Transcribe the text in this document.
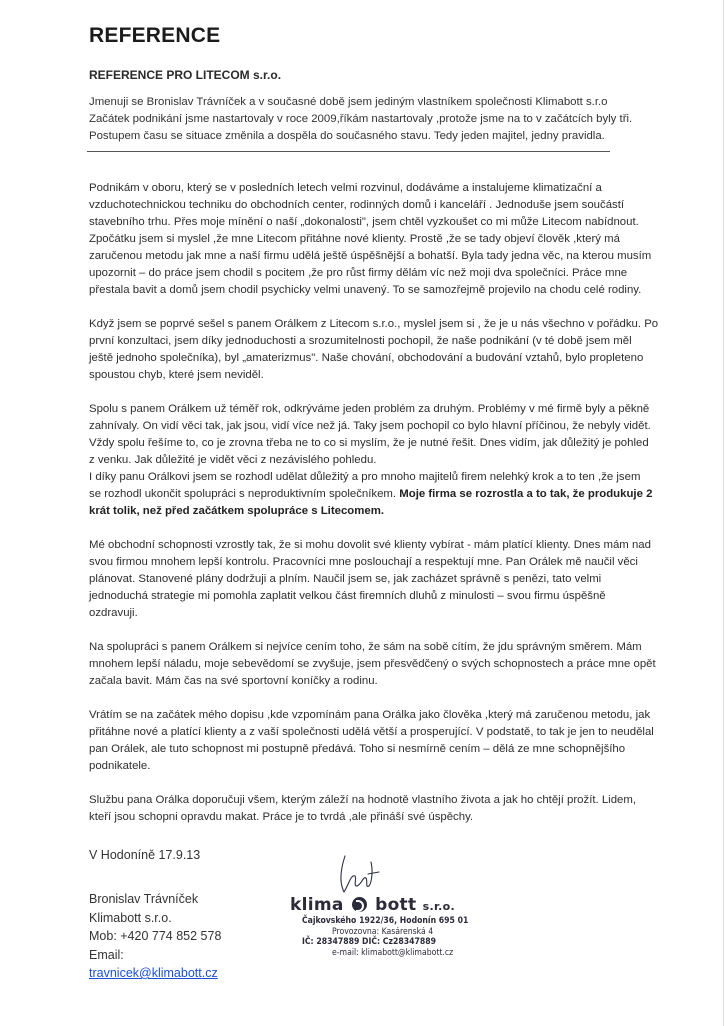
REFERENCE
REFERENCE PRO LITECOM s.r.o.
Jmenuji se Bronislav Trávníček a v současné době jsem jediným vlastníkem společnosti Klimabott s.r.o
Začátek podnikání jsme nastartovaly v roce 2009,říkám nastartovaly ,protože jsme na to v začátcích byly tři.
Postupem času se situace změnila a dospěla do současného stavu. Tedy jeden majitel, jedny pravidla.

Podnikám v oboru, který se v posledních letech velmi rozvinul, dodáváme a instalujeme klimatizační a
vzduchotechnickou techniku do obchodních center, rodinných domů i kanceláří . Jednoduše jsem součástí
stavebního trhu. Přes moje mínění o naší „dokonalosti", jsem chtěl vyzkoušet co mi může Litecom nabídnout.
Zpočátku jsem si myslel ,že mne Litecom přitáhne nové klienty. Prostě ,že se tady objeví člověk ,který má
zaručenou metodu jak mne a naší firmu udělá ještě úspěšnější a bohatší. Byla tady jedna věc, na kterou musím
upozornit – do práce jsem chodil s pocitem ,že pro růst firmy dělám víc než moji dva společníci. Práce mne
přestala bavit a domů jsem chodil psychicky velmi unavený. To se samozřejmě projevilo na chodu celé rodiny.

Když jsem se poprvé sešel s panem Orálkem z Litecom s.r.o., myslel jsem si , že je u nás všechno v pořádku. Po
první konzultaci, jsem díky jednoduchosti a srozumitelnosti pochopil, že naše podnikání (v té době jsem měl
ještě jednoho společníka), byl „amaterizmus". Naše chování, obchodování a budování vztahů, bylo propleteno
spoustou chyb, které jsem neviděl.

Spolu s panem Orálkem už téměř rok, odkrýváme jeden problém za druhým. Problémy v mé firmě byly a pěkně
zahnívaly. On vidí věci tak, jak jsou, vidí více než já. Taky jsem pochopil co bylo hlavní příčinou, že nebyly vidět.
Vždy spolu řešíme to, co je zrovna třeba ne to co si myslím, že je nutné řešit. Dnes vidím, jak důležitý je pohled
z venku. Jak důležité je vidět věci z nezávislého pohledu.
I díky panu Orálkovi jsem se rozhodl udělat důležitý a pro mnoho majitelů firem nelehký krok a to ten ,že jsem
se rozhodl ukončit spolupráci s neproduktivním společníkem. Moje firma se rozrostla a to tak, že produkuje 2
krát tolik, než před začátkem spolupráce s Litecomem.

Mé obchodní schopnosti vzrostly tak, že si mohu dovolit své klienty vybírat - mám platící klienty. Dnes mám nad
svou firmou mnohem lepší kontrolu. Pracovníci mne poslouchají a respektují mne. Pan Orálek mě naučil věci
plánovat. Stanovené plány dodržuji a plním. Naučil jsem se, jak zacházet správně s penězi, tato velmi
jednoduchá strategie mi pomohla zaplatit velkou část firemních dluhů z minulosti – svou firmu úspěšně
ozdravuji.

Na spolupráci s panem Orálkem si nejvíce cením toho, že sám na sobě cítím, že jdu správným směrem. Mám
mnohem lepší náladu, moje sebevědomí se zvyšuje, jsem přesvědčený o svých schopnostech a práce mne opět
začala bavit. Mám čas na své sportovní koníčky a rodinu.

Vrátím se na začátek mého dopisu ,kde vzpomínám pana Orálka jako člověka ,který má zaručenou metodu, jak
přitáhne nové a platící klienty a z vaší společnosti udělá větší a prosperující. V podstatě, to tak je jen to neudělal
pan Orálek, ale tuto schopnost mi postupně předává. Toho si nesmírně cením – dělá ze mne schopnějšího
podnikatele.

Službu pana Orálka doporučuji všem, kterým záleží na hodnotě vlastního života a jak ho chtějí prožít. Lidem,
kteří jsou schopni opravdu makat. Práce je to tvrdá ,ale přináší své úspěchy.

V Hodoníně 17.9.13
Bronislav Trávníček
Klimabott s.r.o.
Mob: +420 774 852 578
Email:
travnicek@klimabott.cz
klima bott s.r.o.
Čajkovského 1922/36, Hodonín 695 01
Provozovna: Kasárenská 4
IČ: 28347889 DIČ: Cz28347889
e-mail: klimabott@klimabott.cz
